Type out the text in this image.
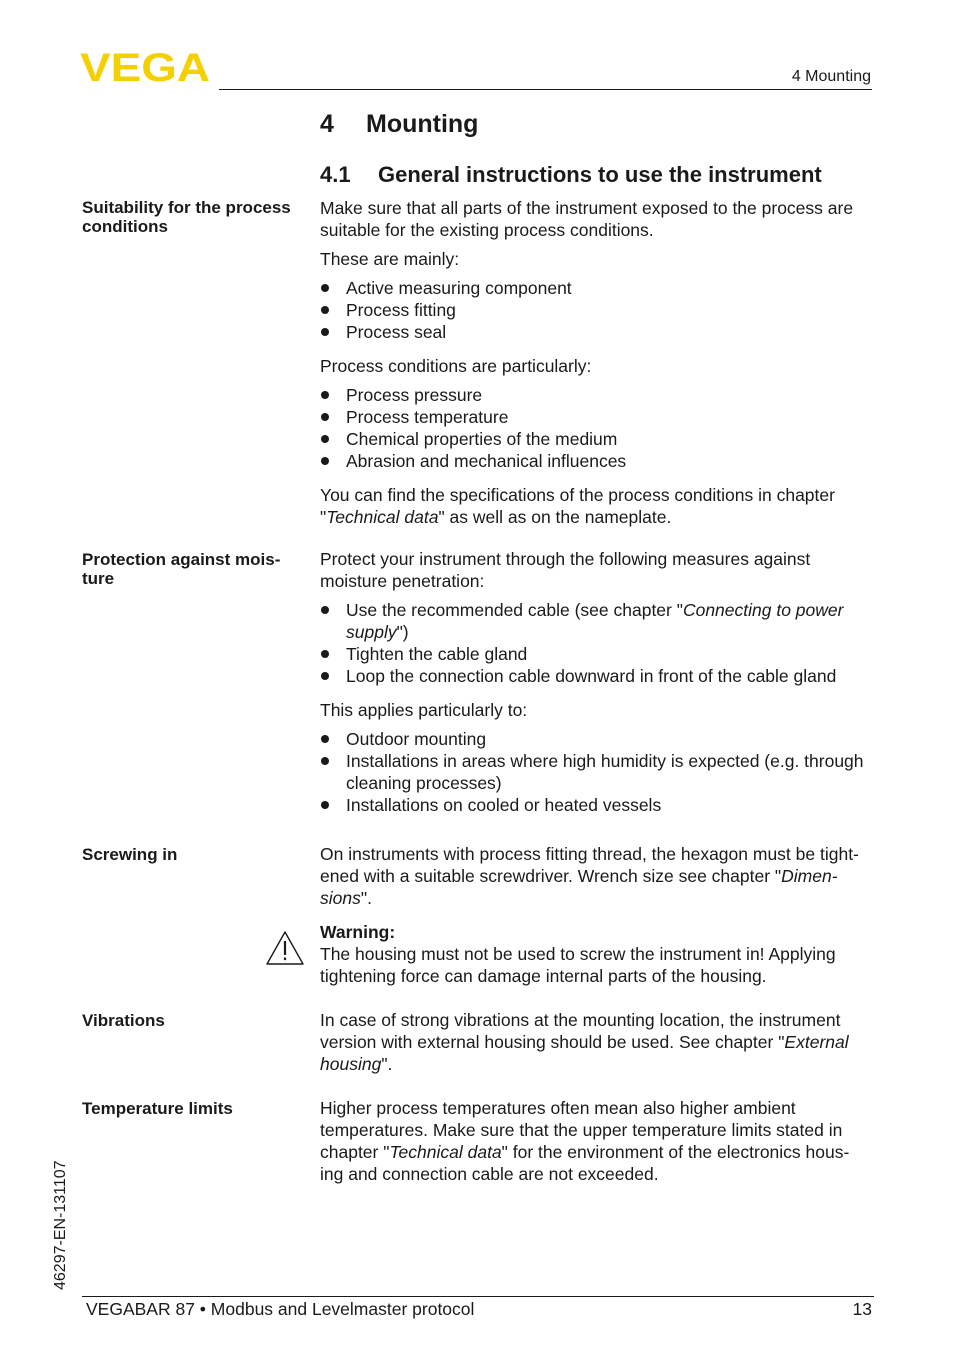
VEGA	4 Mounting
4 Mounting
4.1 General instructions to use the instrument
Suitability for the process conditions

Make sure that all parts of the instrument exposed to the process are suitable for the existing process conditions.

These are mainly:

Active measuring component
Process fitting
Process seal

Process conditions are particularly:

Process pressure
Process temperature
Chemical properties of the medium
Abrasion and mechanical influences

You can find the specifications of the process conditions in chapter "Technical data" as well as on the nameplate.

Protection against mois- ture

Protect your instrument through the following measures against moisture penetration:

Use the recommended cable (see chapter "Connecting to power supply")
Tighten the cable gland
Loop the connection cable downward in front of the cable gland

This applies particularly to:

Outdoor mounting
Installations in areas where high humidity is expected (e.g. through cleaning processes)
Installations on cooled or heated vessels
Screwing in	On instruments with process fitting thread, the hexagon must be tight- ened with a suitable screwdriver. Wrench size see chapter "Dimen- sions".

Warning:
The housing must not be used to screw the instrument in! Applying tightening force can damage internal parts of the housing.
Vibrations	In case of strong vibrations at the mounting location, the instrument version with external housing should be used. See chapter "External housing".

Temperature limits	Higher process temperatures often mean also higher ambient temperatures. Make sure that the upper temperature limits stated in chapter "Technical data" for the environment of the electronics hous- ing and connection cable are not exceeded.

46297-EN-131107
VEGABAR 87 • Modbus and Levelmaster protocol	13
